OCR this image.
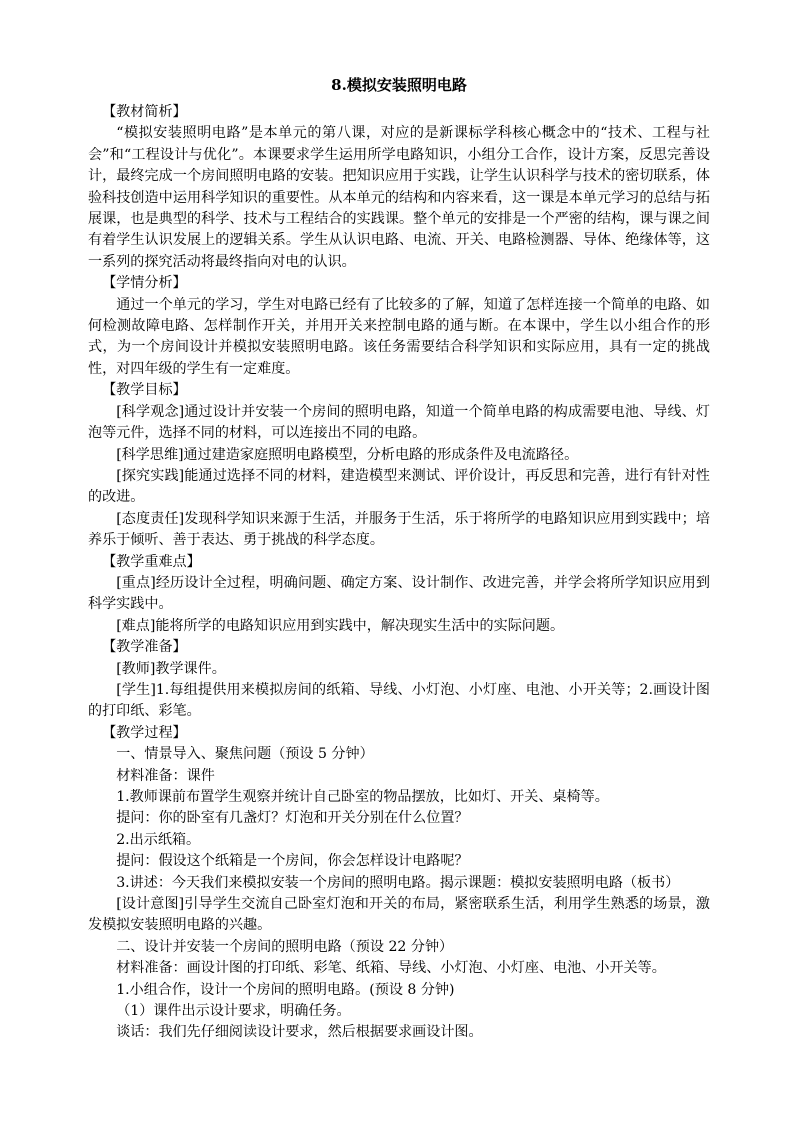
8.模拟安装照明电路

【教材简析】

“模拟安装照明电路”是本单元的第八课，对应的是新课标学科核心概念中的“技术、工程与社会”和“工程设计与优化”。本课要求学生运用所学电路知识，小组分工合作，设计方案，反思完善设计，最终完成一个房间照明电路的安装。把知识应用于实践，让学生认识科学与技术的密切联系，体验科技创造中运用科学知识的重要性。从本单元的结构和内容来看，这一课是本单元学习的总结与拓展课，也是典型的科学、技术与工程结合的实践课。整个单元的安排是一个严密的结构，课与课之间有着学生认识发展上的逻辑关系。学生从认识电路、电流、开关、电路检测器、导体、绝缘体等，这一系列的探究活动将最终指向对电的认识。

【学情分析】

通过一个单元的学习，学生对电路已经有了比较多的了解，知道了怎样连接一个简单的电路、如何检测故障电路、怎样制作开关，并用开关来控制电路的通与断。在本课中，学生以小组合作的形式，为一个房间设计并模拟安装照明电路。该任务需要结合科学知识和实际应用，具有一定的挑战性，对四年级的学生有一定难度。

【教学目标】

[科学观念]通过设计并安装一个房间的照明电路，知道一个简单电路的构成需要电池、导线、灯泡等元件，选择不同的材料，可以连接出不同的电路。

[科学思维]通过建造家庭照明电路模型，分析电路的形成条件及电流路径。

[探究实践]能通过选择不同的材料，建造模型来测试、评价设计，再反思和完善，进行有针对性的改进。

[态度责任]发现科学知识来源于生活，并服务于生活，乐于将所学的电路知识应用到实践中；培养乐于倾听、善于表达、勇于挑战的科学态度。

【教学重难点】

[重点]经历设计全过程，明确问题、确定方案、设计制作、改进完善，并学会将所学知识应用到科学实践中。

[难点]能将所学的电路知识应用到实践中，解决现实生活中的实际问题。

【教学准备】

[教师]教学课件。

[学生]1.每组提供用来模拟房间的纸箱、导线、小灯泡、小灯座、电池、小开关等；2.画设计图的打印纸、彩笔。

【教学过程】

一、情景导入、聚焦问题（预设 5 分钟）

材料准备：课件

1.教师课前布置学生观察并统计自己卧室的物品摆放，比如灯、开关、桌椅等。

提问：你的卧室有几盏灯？灯泡和开关分别在什么位置？

2.出示纸箱。

提问：假设这个纸箱是一个房间，你会怎样设计电路呢？

3.讲述：今天我们来模拟安装一个房间的照明电路。揭示课题：模拟安装照明电路（板书）

[设计意图]引导学生交流自己卧室灯泡和开关的布局，紧密联系生活，利用学生熟悉的场景，激发模拟安装照明电路的兴趣。

二、设计并安装一个房间的照明电路（预设 22 分钟）

材料准备：画设计图的打印纸、彩笔、纸箱、导线、小灯泡、小灯座、电池、小开关等。

1.小组合作，设计一个房间的照明电路。(预设 8 分钟)

（1）课件出示设计要求，明确任务。

谈话：我们先仔细阅读设计要求，然后根据要求画设计图。
